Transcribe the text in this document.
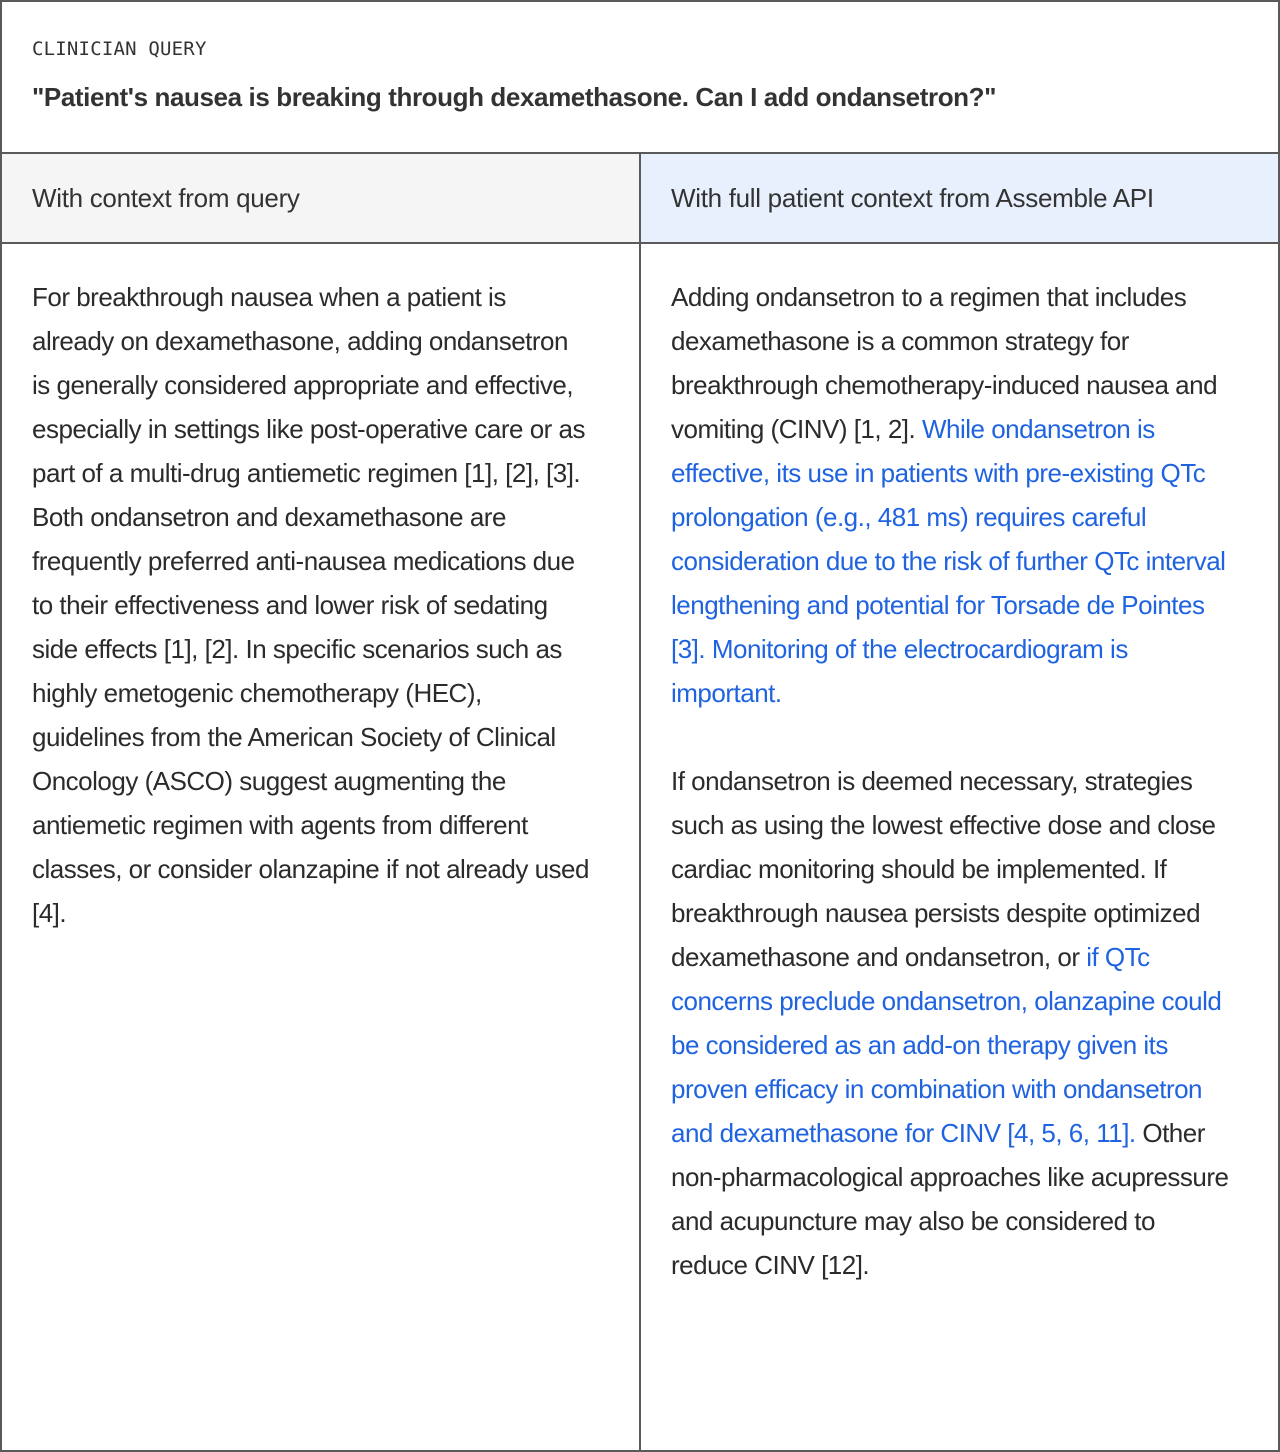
CLINICIAN QUERY
"Patient's nausea is breaking through dexamethasone. Can I add ondansetron?"
With context from query	With full patient context from Assemble API

For breakthrough nausea when a patient is already on dexamethasone, adding ondansetron is generally considered appropriate and effective, especially in settings like post-operative care or as part of a multi-drug antiemetic regimen [1], [2], [3]. Both ondansetron and dexamethasone are frequently preferred anti-nausea medications due to their effectiveness and lower risk of sedating side effects [1], [2]. In specific scenarios such as highly emetogenic chemotherapy (HEC), guidelines from the American Society of Clinical Oncology (ASCO) suggest augmenting the antiemetic regimen with agents from different classes, or consider olanzapine if not already used [4].

Adding ondansetron to a regimen that includes dexamethasone is a common strategy for breakthrough chemotherapy-induced nausea and vomiting (CINV) [1, 2]. While ondansetron is effective, its use in patients with pre-existing QTc prolongation (e.g., 481 ms) requires careful consideration due to the risk of further QTc interval lengthening and potential for Torsade de Pointes [3]. Monitoring of the electrocardiogram is important.

If ondansetron is deemed necessary, strategies such as using the lowest effective dose and close cardiac monitoring should be implemented. If breakthrough nausea persists despite optimized dexamethasone and ondansetron, or if QTc concerns preclude ondansetron, olanzapine could be considered as an add-on therapy given its proven efficacy in combination with ondansetron and dexamethasone for CINV [4, 5, 6, 11]. Other non-pharmacological approaches like acupressure and acupuncture may also be considered to reduce CINV [12].
